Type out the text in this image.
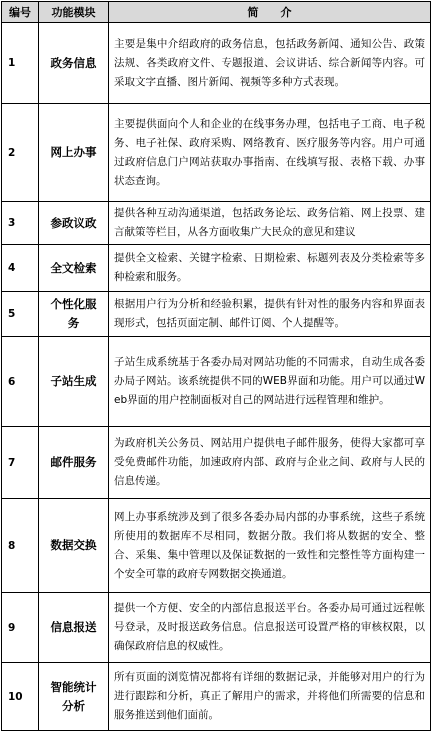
编号	功能模块	简　　介
1	政务信息	主要是集中介绍政府的政务信息，包括政务新闻、通知公告、政策法规、各类政府文件、专题报道、会议讲话、综合新闻等内容。可采取文字直播、图片新闻、视频等多种方式表现。
2	网上办事	主要提供面向个人和企业的在线事务办理，包括电子工商、电子税务、电子社保、政府采购、网络教育、医疗服务等内容。用户可通过政府信息门户网站获取办事指南、在线填写报、表格下载、办事状态查询。
3	参政议政	提供各种互动沟通渠道，包括政务论坛、政务信箱、网上投票、建言献策等栏目，从各方面收集广大民众的意见和建议
4	全文检索	提供全文检索、关键字检索、日期检索、标题列表及分类检索等多种检索和服务。
5	个性化服务	根据用户行为分析和经验积累，提供有针对性的服务内容和界面表现形式，包括页面定制、邮件订阅、个人提醒等。
6	子站生成	子站生成系统基于各委办局对网站功能的不同需求，自动生成各委办局子网站。该系统提供不同的WEB界面和功能。用户可以通过Web界面的用户控制面板对自己的网站进行远程管理和维护。
7	邮件服务	为政府机关公务员、网站用户提供电子邮件服务，使得大家都可享受免费邮件功能，加速政府内部、政府与企业之间、政府与人民的信息传递。
8	数据交换	网上办事系统涉及到了很多各委办局内部的办事系统，这些子系统所使用的数据库不尽相同，数据分散。我们将从数据的安全、整合、采集、集中管理以及保证数据的一致性和完整性等方面构建一个安全可靠的政府专网数据交换通道。
9	信息报送	提供一个方便、安全的内部信息报送平台。各委办局可通过远程帐号登录，及时报送政务信息。信息报送可设置严格的审核权限，以确保政府信息的权威性。
10	智能统计分析	所有页面的浏览情况都将有详细的数据记录，并能够对用户的行为进行跟踪和分析，真正了解用户的需求，并将他们所需要的信息和服务推送到他们面前。
